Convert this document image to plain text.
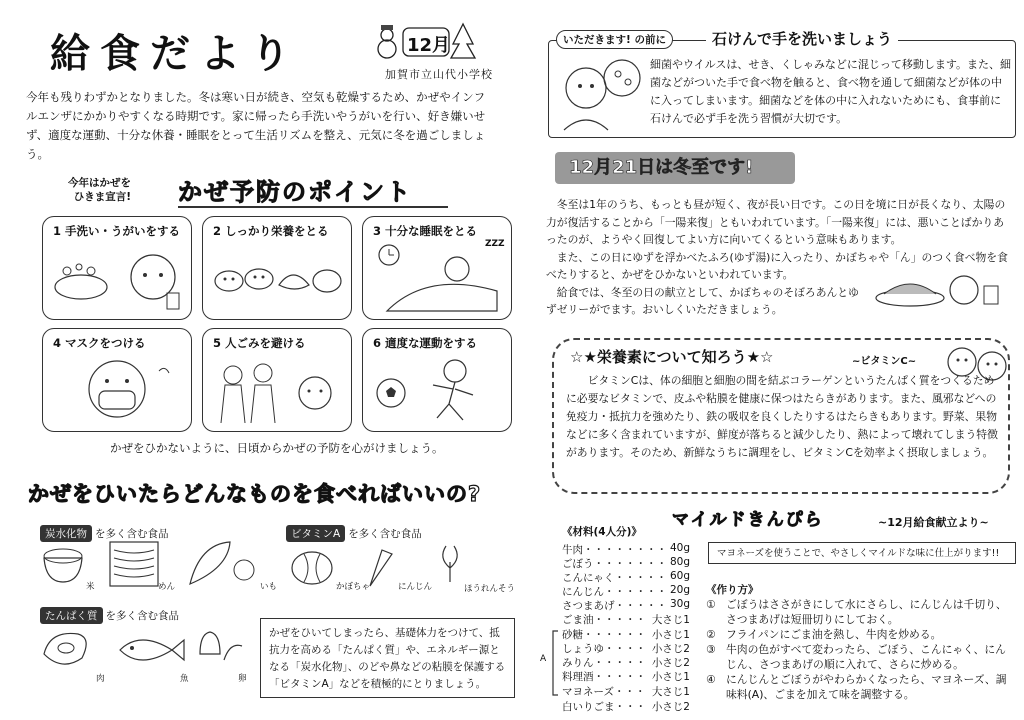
給食だより	12月
加賀市立山代小学校
今年も残りわずかとなりました。冬は寒い日が続き、空気も乾燥するため、かぜやインフルエンザにかかりやすくなる時期です。家に帰ったら手洗いやうがいを行い、好き嫌いせず、適度な運動、十分な休養・睡眠をとって生活リズムを整え、元気に冬を過ごしましょう。
今年はかぜを
ひきま宣言! かぜ予防のポイント
1 手洗い・うがいをする	2 しっかり栄養をとる	3 十分な睡眠をとる
ZZZ
4 マスクをつける	5 人ごみを避ける	6 適度な運動をする
かぜをひかないように、日頃からかぜの予防を心がけましょう。
かぜをひいたらどんなものを食べればいいの?
炭水化物 を多く含む食品
米	めん	いも
ビタミンA を多く含む食品
かぼちゃ	にんじん	ほうれんそう
たんぱく質 を多く含む食品
肉	魚	卵
かぜをひいてしまったら、基礎体力をつけて、抵抗力を高める「たんぱく質」や、エネルギー源となる「炭水化物」、のどや鼻などの粘膜を保護する「ビタミンA」などを積極的にとりましょう。
いただきます! の前に	石けんで手を洗いましょう
細菌やウイルスは、せき、くしゃみなどに混じって移動します。また、細菌などがついた手で食べ物を触ると、食べ物を通して細菌などが体の中に入ってしまいます。細菌などを体の中に入れないためにも、食事前に石けんで必ず手を洗う習慣が大切です。
12月21日は冬至です!
冬至は1年のうち、もっとも昼が短く、夜が長い日です。この日を境に日が長くなり、太陽の力が復活することから「一陽来復」ともいわれています。「一陽来復」には、悪いことばかりあったのが、ようやく回復してよい方に向いてくるという意味もあります。
また、この日にゆずを浮かべたふろ(ゆず湯)に入ったり、かぼちゃや「ん」のつく食べ物を食べたりすると、かぜをひかないといわれています。
給食では、冬至の日の献立として、かぼちゃのそぼろあんとゆずゼリーがでます。おいしくいただきましょう。
☆★栄養素について知ろう★☆	~ビタミンC~
ビタミンCは、体の細胞と細胞の間を結ぶコラーゲンというたんぱく質をつくるために必要なビタミンで、皮ふや粘膜を健康に保つはたらきがあります。また、風邪などへの免疫力・抵抗力を強めたり、鉄の吸収を良くしたりするはたらきもあります。野菜、果物などに多く含まれていますが、鮮度が落ちると減少したり、熱によって壊れてしまう特徴があります。そのため、新鮮なうちに調理をし、ビタミンCを効率よく摂取しましょう。
マイルドきんぴら	~12月給食献立より~
マヨネーズを使うことで、やさしくマイルドな味に仕上がります!!
《材料(4人分)》
牛肉・・・・・・・・ 40g
ごぼう・・・・・・・ 80g
こんにゃく・・・・・ 60g
にんじん・・・・・・ 20g
さつまあげ・・・・・ 30g
ごま油・・・・・ 大さじ1
砂糖・・・・・・ 小さじ1
しょうゆ・・・・ 小さじ2
みりん・・・・・ 小さじ2
料理酒・・・・・ 小さじ1
マヨネーズ・・・ 大さじ1
白いりごま・・・ 小さじ2
A
《作り方》
① ごぼうはささがきにして水にさらし、にんじんは千切り、さつまあげは短冊切りにしておく。
② フライパンにごま油を熱し、牛肉を炒める。
③ 牛肉の色がすべて変わったら、ごぼう、こんにゃく、にんじん、さつまあげの順に入れて、さらに炒める。
④ にんじんとごぼうがやわらかくなったら、マヨネーズ、調味料(A)、ごまを加えて味を調整する。
